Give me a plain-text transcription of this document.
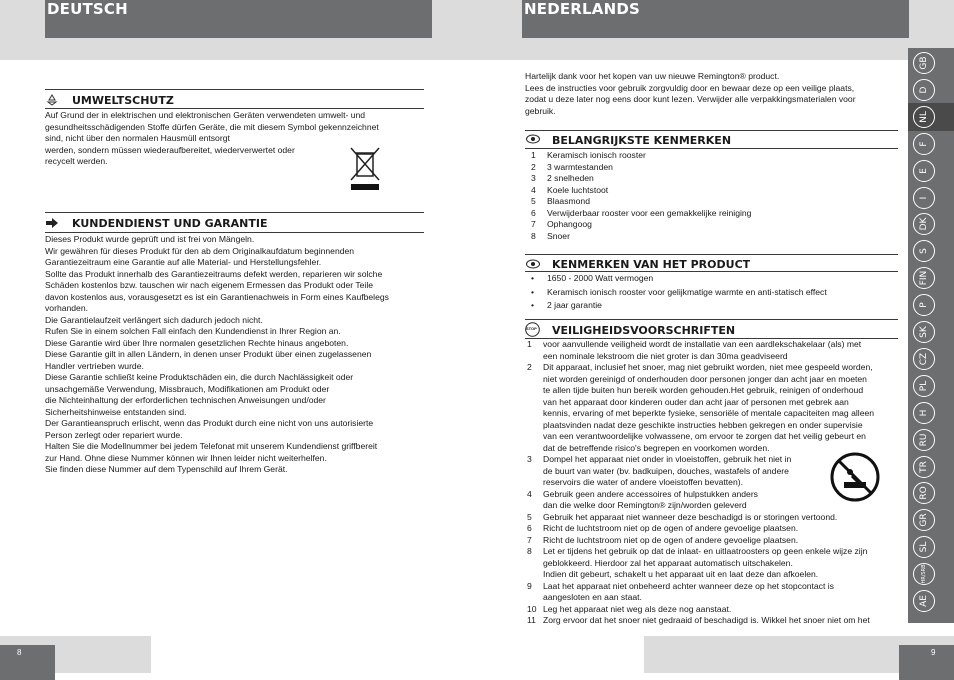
DEUTSCH	NEDERLANDS
8	9
UMWELTSCHUTZ
Auf Grund der in elektrischen und elektronischen Geräten verwendeten umwelt- und
gesundheitsschädigenden Stoffe dürfen Geräte, die mit diesem Symbol gekennzeichnet
sind, nicht über den normalen Hausmüll entsorgt
werden, sondern müssen wiederaufbereitet, wiederverwertet oder
recycelt werden.
KUNDENDIENST UND GARANTIE
Dieses Produkt wurde geprüft und ist frei von Mängeln.
Wir gewähren für dieses Produkt für den ab dem Originalkaufdatum beginnenden
Garantiezeitraum eine Garantie auf alle Material- und Herstellungsfehler.
Sollte das Produkt innerhalb des Garantiezeitraums defekt werden, reparieren wir solche
Schäden kostenlos bzw. tauschen wir nach eigenem Ermessen das Produkt oder Teile
davon kostenlos aus, vorausgesetzt es ist ein Garantienachweis in Form eines Kaufbelegs
vorhanden.
Die Garantielaufzeit verlängert sich dadurch jedoch nicht.
Rufen Sie in einem solchen Fall einfach den Kundendienst in Ihrer Region an.
Diese Garantie wird über Ihre normalen gesetzlichen Rechte hinaus angeboten.
Diese Garantie gilt in allen Ländern, in denen unser Produkt über einen zugelassenen
Handler vertrieben wurde.
Diese Garantie schließt keine Produktschäden ein, die durch Nachlässigkeit oder
unsachgemäße Verwendung, Missbrauch, Modifikationen am Produkt oder
die Nichteinhaltung der erforderlichen technischen Anweisungen und/oder
Sicherheitshinweise entstanden sind.
Der Garantieanspruch erlischt, wenn das Produkt durch eine nicht von uns autorisierte
Person zerlegt oder repariert wurde.
Halten Sie die Modellnummer bei jedem Telefonat mit unserem Kundendienst griffbereit
zur Hand. Ohne diese Nummer können wir Ihnen leider nicht weiterhelfen.
Sie finden diese Nummer auf dem Typenschild auf Ihrem Gerät.
Hartelijk dank voor het kopen van uw nieuwe Remington® product.
Lees de instructies voor gebruik zorgvuldig door en bewaar deze op een veilige plaats,
zodat u deze later nog eens door kunt lezen. Verwijder alle verpakkingsmaterialen voor
gebruik.
BELANGRIJKSTE KENMERKEN
1 Keramisch ionisch rooster
2 3 warmtestanden
3 2 snelheden
4 Koele luchtstoot
5 Blaasmond
6 Verwijderbaar rooster voor een gemakkelijke reiniging
7 Ophangoog
8 Snoer
KENMERKEN VAN HET PRODUCT
• 1650 - 2000 Watt vermogen
• Keramisch ionisch rooster voor gelijkmatige warmte en anti-statisch effect
• 2 jaar garantie
STOP VEILIGHEIDSVOORSCHRIFTEN
1 voor aanvullende veiligheid wordt de installatie van een aardlekschakelaar (als) met
een nominale lekstroom die niet groter is dan 30ma geadviseerd
2 Dit apparaat, inclusief het snoer, mag niet gebruikt worden, niet mee gespeeld worden,
niet worden gereinigd of onderhouden door personen jonger dan acht jaar en moeten
te allen tijde buiten hun bereik worden gehouden.Het gebruik, reinigen of onderhoud
van het apparaat door kinderen ouder dan acht jaar of personen met gebrek aan
kennis, ervaring of met beperkte fysieke, sensoriële of mentale capaciteiten mag alleen
plaatsvinden nadat deze geschikte instructies hebben gekregen en onder supervisie
van een verantwoordelijke volwassene, om ervoor te zorgen dat het veilig gebeurt en
dat de betreffende risico's begrepen en voorkomen worden.
3 Dompel het apparaat niet onder in vloeistoffen, gebruik het niet in
de buurt van water (bv. badkuipen, douches, wastafels of andere
reservoirs die water of andere vloeistoffen bevatten).
4 Gebruik geen andere accessoires of hulpstukken anders
dan die welke door Remington® zijn/worden geleverd
5 Gebruik het apparaat niet wanneer deze beschadigd is or storingen vertoond.
6 Richt de luchtstroom niet op de ogen of andere gevoelige plaatsen.
7 Richt de luchtstroom niet op de ogen of andere gevoelige plaatsen.
8 Let er tijdens het gebruik op dat de inlaat- en uitlaatroosters op geen enkele wijze zijn
geblokkeerd. Hierdoor zal het apparaat automatisch uitschakelen.
Indien dit gebeurt, schakelt u het apparaat uit en laat deze dan afkoelen.
9 Laat het apparaat niet onbeheerd achter wanneer deze op het stopcontact is
aangesloten en aan staat.
10 Leg het apparaat niet weg als deze nog aanstaat.
11 Zorg ervoor dat het snoer niet gedraaid of beschadigd is. Wikkel het snoer niet om het
GB
D
NL
F
E
I
DK
S
FIN
P
SK
CZ
PL
H
RU
TR
RO
GR
SL
HR/SRB
AE
